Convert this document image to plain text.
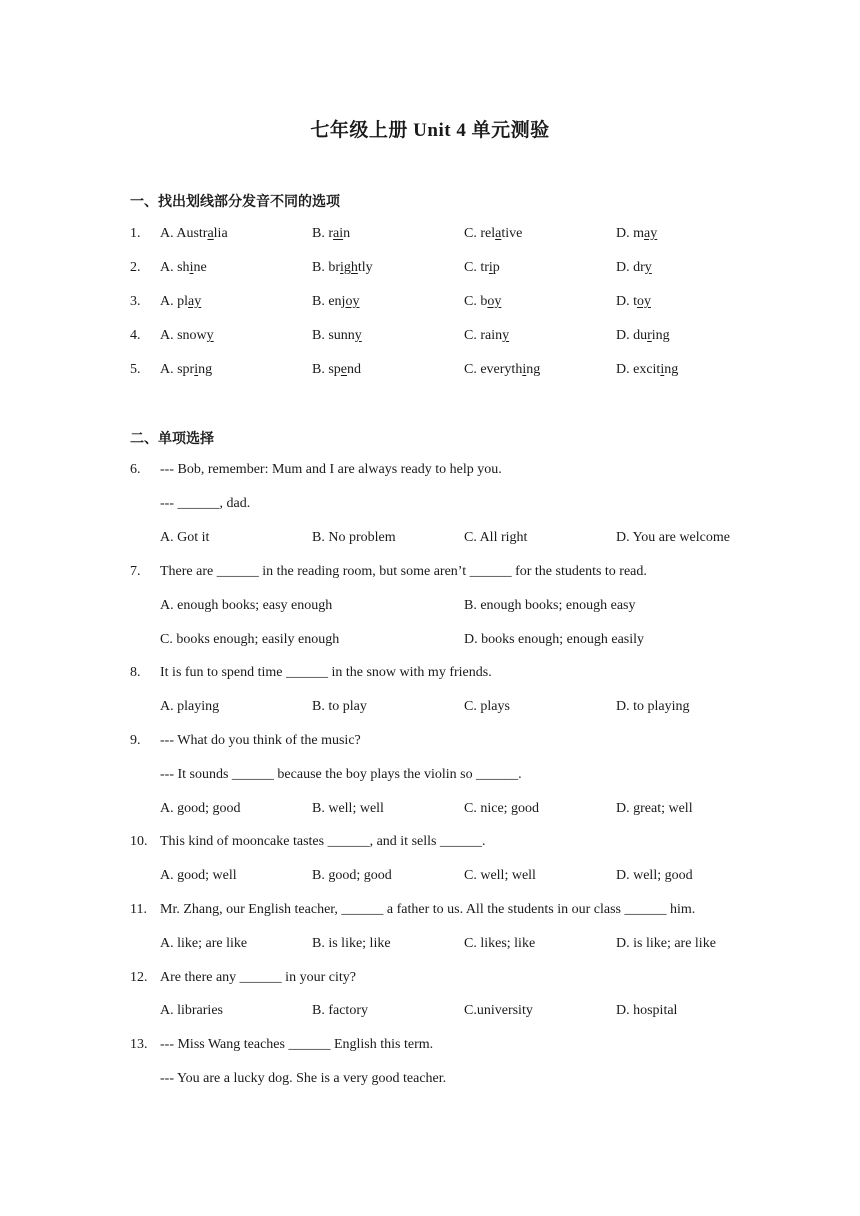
七年级上册 Unit 4 单元测验
一、找出划线部分发音不同的选项
1. A. Australia	B. rain	C. relative	D. may
2. A. shine	B. brightly	C. trip	D. dry
3. A. play	B. enjoy	C. boy	D. toy
4. A. snowy	B. sunny	C. rainy	D. during
5. A. spring	B. spend	C. everything	D. exciting
二、单项选择
6. --- Bob, remember: Mum and I are always ready to help you.
--- ______, dad.
A. Got it	B. No problem	C. All right	D. You are welcome
7. There are ______ in the reading room, but some aren’t ______ for the students to read.
A. enough books; easy enough	B. enough books; enough easy
C. books enough; easily enough	D. books enough; enough easily
8. It is fun to spend time ______ in the snow with my friends.
A. playing	B. to play	C. plays	D. to playing
9. --- What do you think of the music?
--- It sounds ______ because the boy plays the violin so ______.
A. good; good	B. well; well	C. nice; good	D. great; well
10. This kind of mooncake tastes ______, and it sells ______.
A. good; well	B. good; good	C. well; well	D. well; good
11. Mr. Zhang, our English teacher, ______ a father to us. All the students in our class ______ him.
A. like; are like	B. is like; like	C. likes; like	D. is like; are like
12. Are there any ______ in your city?
A. libraries	B. factory	C.university	D. hospital
13. --- Miss Wang teaches ______ English this term.
--- You are a lucky dog. She is a very good teacher.
